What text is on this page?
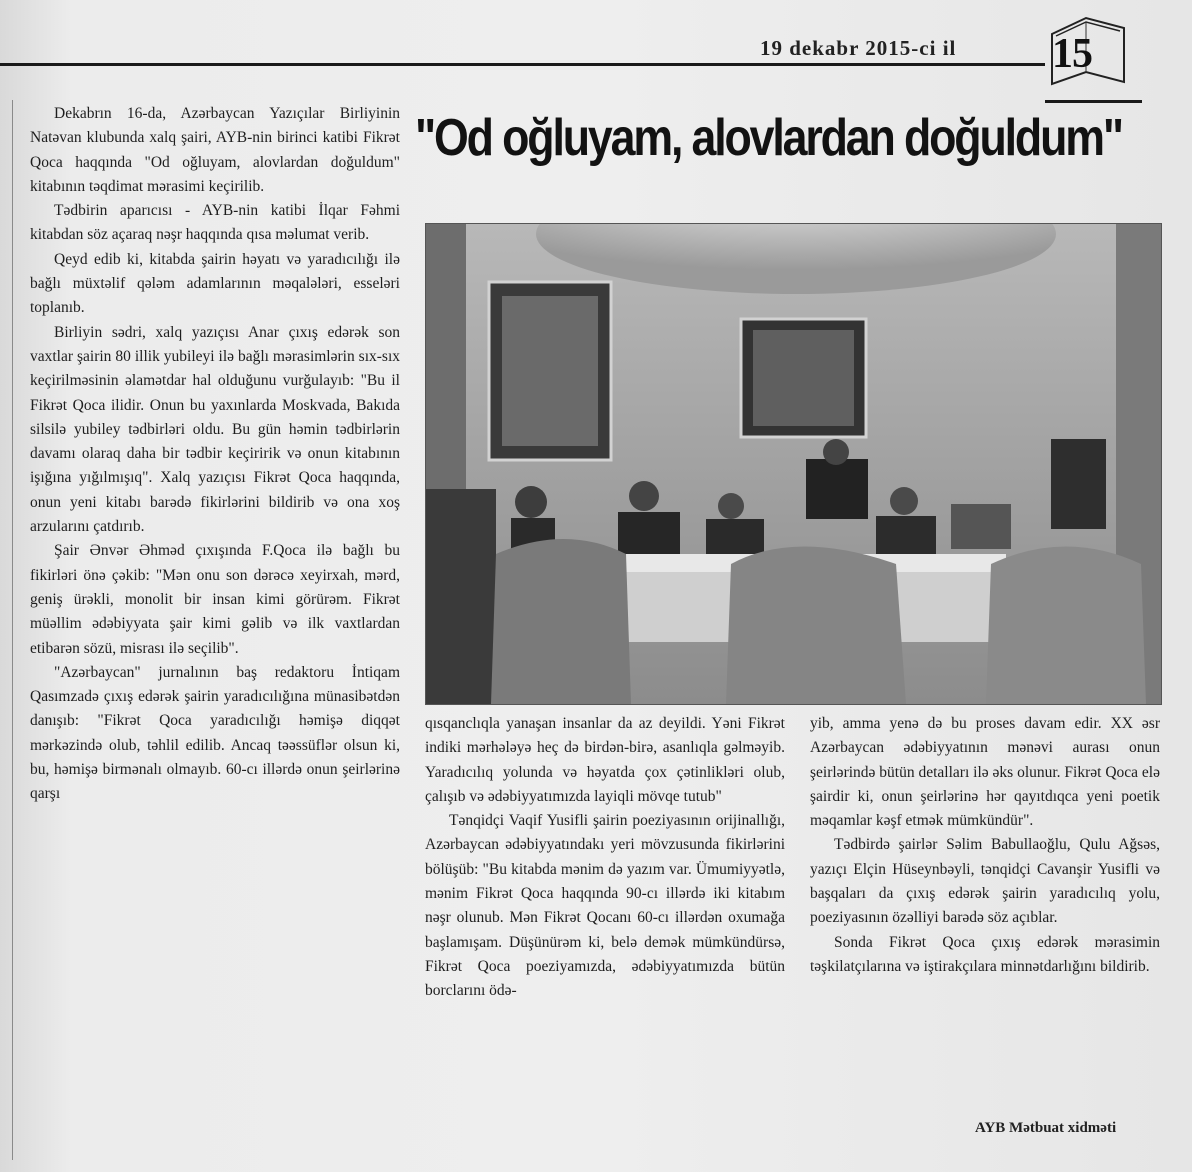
19 dekabr 2015-ci il 15
"Od oğluyam, alovlardan doğuldum"

Dekabrın 16-da, Azərbaycan Yazıçılar Birliyinin Natəvan klubunda xalq şairi, AYB-nin birinci katibi Fikrət Qoca haqqında "Od oğluyam, alovlardan doğuldum" kitabının təqdimat mərasimi keçirilib.

Tədbirin aparıcısı - AYB-nin katibi İlqar Fəhmi kitabdan söz açaraq nəşr haqqında qısa məlumat verib.

Qeyd edib ki, kitabda şairin həyatı və yaradıcılığı ilə bağlı müxtəlif qələm adamlarının məqalələri, esseləri toplanıb.

Birliyin sədri, xalq yazıçısı Anar çıxış edərək son vaxtlar şairin 80 illik yubileyi ilə bağlı mərasimlərin sıx-sıx keçirilməsinin əlamətdar hal olduğunu vurğulayıb: "Bu il Fikrət Qoca ilidir. Onun bu yaxınlarda Moskvada, Bakıda silsilə yubiley tədbirləri oldu. Bu gün həmin tədbirlərin davamı olaraq daha bir tədbir keçiririk və onun kitabının işığına yığılmışıq". Xalq yazıçısı Fikrət Qoca haqqında, onun yeni kitabı barədə fikirlərini bildirib və ona xoş arzularını çatdırıb.

Şair Ənvər Əhməd çıxışında F.Qoca ilə bağlı bu fikirləri önə çəkib: "Mən onu son dərəcə xeyirxah, mərd, geniş ürəkli, monolit bir insan kimi görürəm. Fikrət müəllim ədəbiyyata şair kimi gəlib və ilk vaxtlardan etibarən sözü, misrası ilə seçilib".

"Azərbaycan" jurnalının baş redaktoru İntiqam Qasımzadə çıxış edərək şairin yaradıcılığına münasibətdən danışıb: "Fikrət Qoca yaradıcılığı həmişə diqqət mərkəzində olub, təhlil edilib. Ancaq təəssüflər olsun ki, bu, həmişə birmənalı olmayıb. 60-cı illərdə onun şeirlərinə qarşı

qısqanclıqla yanaşan insanlar da az deyildi. Yəni Fikrət indiki mərhələyə heç də birdən-birə, asanlıqla gəlməyib. Yaradıcılıq yolunda və həyatda çox çətinlikləri olub, çalışıb və ədəbiyyatımızda layiqli mövqe tutub"

Tənqidçi Vaqif Yusifli şairin poeziyasının orijinallığı, Azərbaycan ədəbiyyatındakı yeri mövzusunda fikirlərini bölüşüb: "Bu kitabda mənim də yazım var. Ümumiyyətlə, mənim Fikrət Qoca haqqında 90-cı illərdə iki kitabım nəşr olunub. Mən Fikrət Qocanı 60-cı illərdən oxumağa başlamışam. Düşünürəm ki, belə demək mümkündürsə, Fikrət Qoca poeziyamızda, ədəbiyyatımızda bütün borclarını ödə-

yib, amma yenə də bu proses davam edir. XX əsr Azərbaycan ədəbiyyatının mənəvi aurası onun şeirlərində bütün detalları ilə əks olunur. Fikrət Qoca elə şairdir ki, onun şeirlərinə hər qayıtdıqca yeni poetik məqamlar kəşf etmək mümkündür".

Tədbirdə şairlər Səlim Babullaoğlu, Qulu Ağsəs, yazıçı Elçin Hüseynbəyli, tənqidçi Cavanşir Yusifli və başqaları da çıxış edərək şairin yaradıcılıq yolu, poeziyasının özəlliyi barədə söz açıblar.

Sonda Fikrət Qoca çıxış edərək mərasimin təşkilatçılarına və iştirakçılara minnətdarlığını bildirib.

AYB Mətbuat xidməti
